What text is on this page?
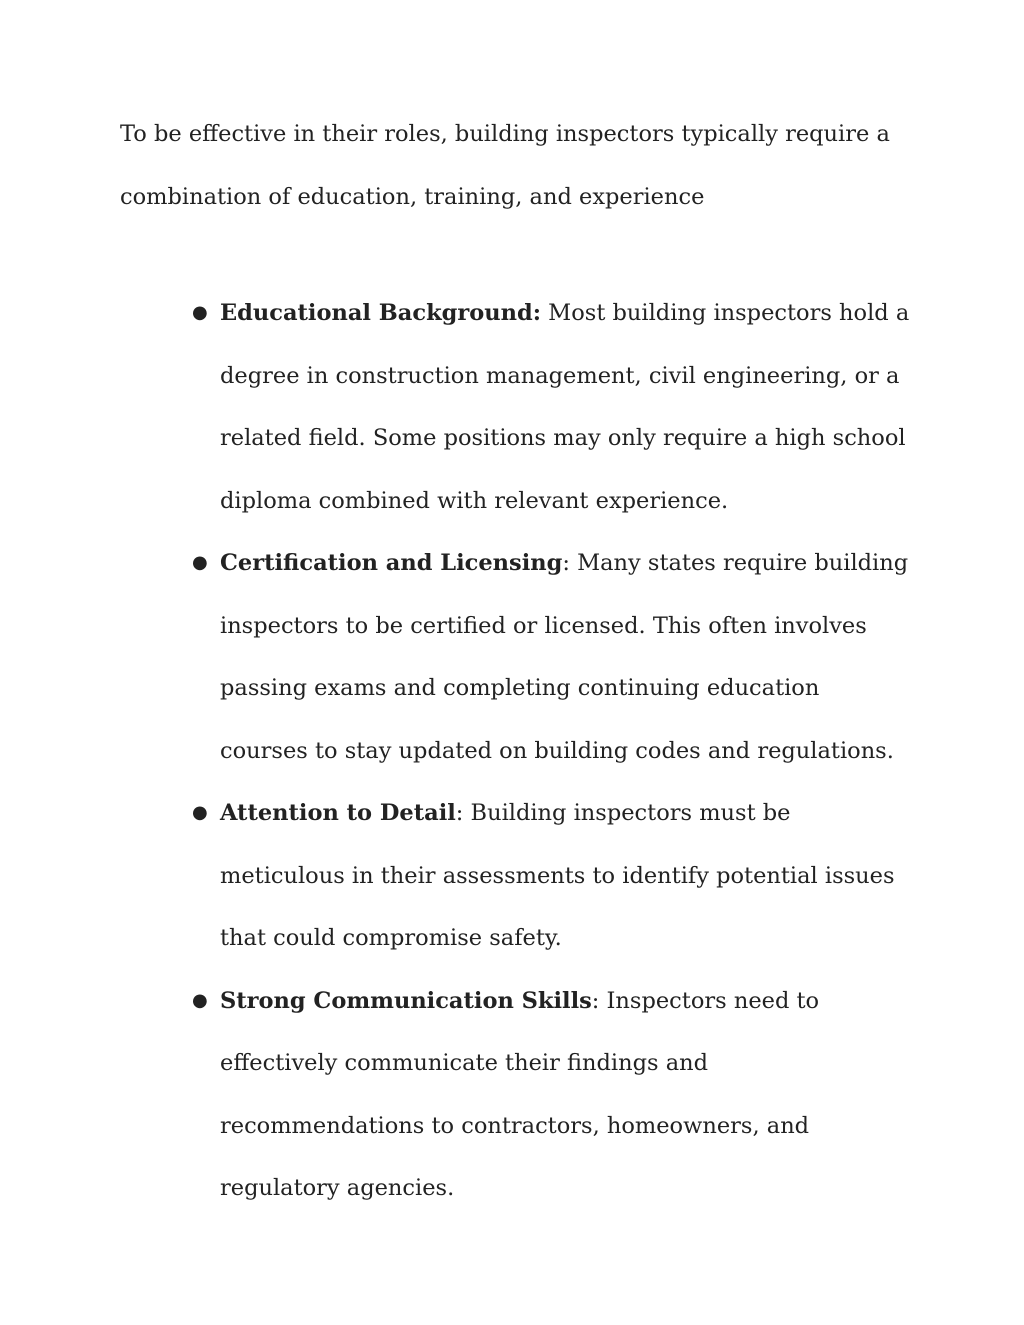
To be effective in their roles, building inspectors typically require a combination of education, training, and experience

● Educational Background: Most building inspectors hold a degree in construction management, civil engineering, or a related field. Some positions may only require a high school diploma combined with relevant experience.
● Certification and Licensing: Many states require building inspectors to be certified or licensed. This often involves passing exams and completing continuing education courses to stay updated on building codes and regulations.
● Attention to Detail: Building inspectors must be meticulous in their assessments to identify potential issues that could compromise safety.
● Strong Communication Skills: Inspectors need to effectively communicate their findings and recommendations to contractors, homeowners, and regulatory agencies.
